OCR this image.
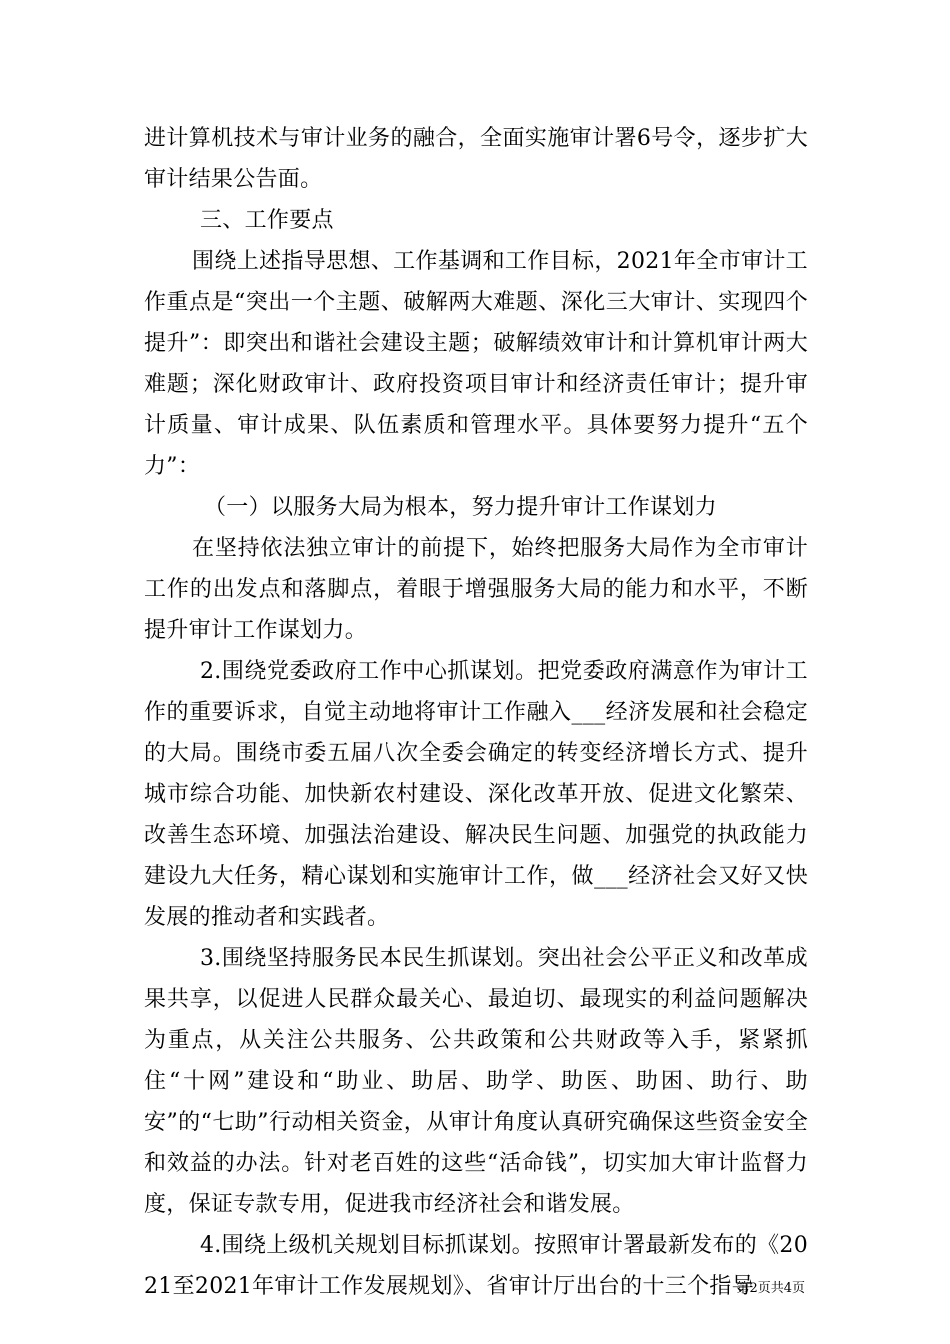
进计算机技术与审计业务的融合，全面实施审计署6号令，逐步扩大审计结果公告面。

三、工作要点

围绕上述指导思想、工作基调和工作目标，2021年全市审计工作重点是“突出一个主题、破解两大难题、深化三大审计、实现四个提升”：即突出和谐社会建设主题；破解绩效审计和计算机审计两大难题；深化财政审计、政府投资项目审计和经济责任审计；提升审计质量、审计成果、队伍素质和管理水平。具体要努力提升“五个力”：

（一）以服务大局为根本，努力提升审计工作谋划力

在坚持依法独立审计的前提下，始终把服务大局作为全市审计工作的出发点和落脚点，着眼于增强服务大局的能力和水平，不断提升审计工作谋划力。

2.围绕党委政府工作中心抓谋划。把党委政府满意作为审计工作的重要诉求，自觉主动地将审计工作融入___经济发展和社会稳定的大局。围绕市委五届八次全委会确定的转变经济增长方式、提升城市综合功能、加快新农村建设、深化改革开放、促进文化繁荣、改善生态环境、加强法治建设、解决民生问题、加强党的执政能力建设九大任务，精心谋划和实施审计工作，做___经济社会又好又快发展的推动者和实践者。

3.围绕坚持服务民本民生抓谋划。突出社会公平正义和改革成果共享，以促进人民群众最关心、最迫切、最现实的利益问题解决为重点，从关注公共服务、公共政策和公共财政等入手，紧紧抓住“十网”建设和“助业、助居、助学、助医、助困、助行、助安”的“七助”行动相关资金，从审计角度认真研究确保这些资金安全和效益的办法。针对老百姓的这些“活命钱”，切实加大审计监督力度，保证专款专用，促进我市经济社会和谐发展。

4.围绕上级机关规划目标抓谋划。按照审计署最新发布的《2021至2021年审计工作发展规划》、省审计厅出台的十三个指导

第2页共4页
